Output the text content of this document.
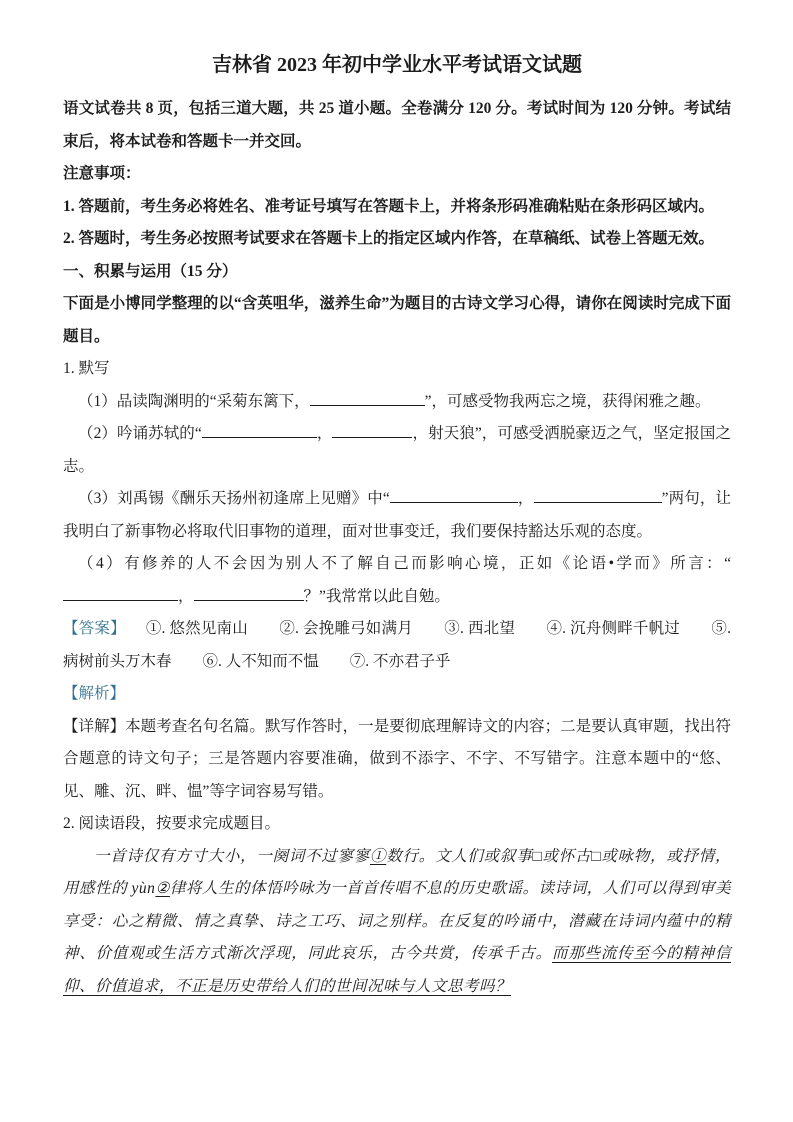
吉林省 2023 年初中学业水平考试语文试题

语文试卷共 8 页，包括三道大题，共 25 道小题。全卷满分 120 分。考试时间为 120 分钟。考试结束后，将本试卷和答题卡一并交回。

注意事项：

1. 答题前，考生务必将姓名、准考证号填写在答题卡上，并将条形码准确粘贴在条形码区域内。

2. 答题时，考生务必按照考试要求在答题卡上的指定区域内作答，在草稿纸、试卷上答题无效。

一、积累与运用（15 分）

下面是小博同学整理的以“含英咀华，滋养生命”为题目的古诗文学习心得，请你在阅读时完成下面题目。

1. 默写

（1）品读陶渊明的“采菊东篱下，	”，可感受物我两忘之境，获得闲雅之趣。

（2）吟诵苏轼的“	，	，射天狼”，可感受洒脱豪迈之气，坚定报国之志。

（3）刘禹锡《酬乐天扬州初逢席上见赠》中“	，	”两句，让我明白了新事物必将取代旧事物的道理，面对世事变迁，我们要保持豁达乐观的态度。

（4）有修养的人不会因为别人不了解自己而影响心境，正如《论语•学而》所言：“，	？”我常常以此自勉。

【答案】 ①. 悠然见南山　　②. 会挽雕弓如满月　　③. 西北望　　④. 沉舟侧畔千帆过　　⑤. 病树前头万木春　　⑥. 人不知而不愠　　⑦. 不亦君子乎

【解析】

【详解】本题考查名句名篇。默写作答时，一是要彻底理解诗文的内容；二是要认真审题，找出符合题意的诗文句子；三是答题内容要准确，做到不添字、不字、不写错字。注意本题中的“悠、见、雕、沉、畔、愠”等字词容易写错。

2. 阅读语段，按要求完成题目。

一首诗仅有方寸大小，一阕词不过寥寥①数行。文人们或叙事□或怀古□或咏物，或抒情，用感性的 yùn②律将人生的体悟吟咏为一首首传唱不息的历史歌谣。读诗词，人们可以得到审美享受：心之精微、情之真挚、诗之工巧、词之别样。在反复的吟诵中，潜藏在诗词内蕴中的精神、价值观或生活方式渐次浮现，同此哀乐，古今共赏，传承千古。而那些流传至今的精神信仰、价值追求，不正是历史带给人们的世间况味与人文思考吗？
